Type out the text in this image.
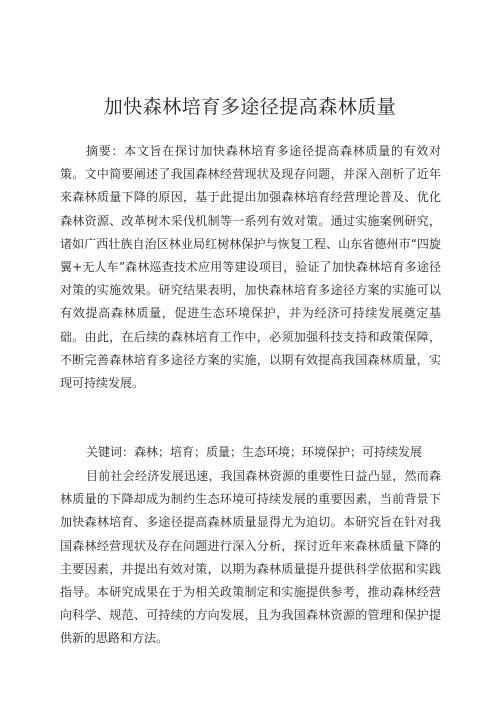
加快森林培育多途径提高森林质量

摘要：本文旨在探讨加快森林培育多途径提高森林质量的有效对策。文中简要阐述了我国森林经营现状及现存问题，并深入剖析了近年来森林质量下降的原因，基于此提出加强森林培育经营理论普及、优化森林资源、改革树木采伐机制等一系列有效对策。通过实施案例研究，诸如广西壮族自治区林业局红树林保护与恢复工程、山东省德州市“四旋翼+无人车”森林巡查技术应用等建设项目，验证了加快森林培育多途径对策的实施效果。研究结果表明，加快森林培育多途径方案的实施可以有效提高森林质量，促进生态环境保护，并为经济可持续发展奠定基础。由此，在后续的森林培育工作中，必须加强科技支持和政策保障，不断完善森林培育多途径方案的实施，以期有效提高我国森林质量，实现可持续发展。

关键词：森林；培育；质量；生态环境；环境保护；可持续发展

目前社会经济发展迅速，我国森林资源的重要性日益凸显，然而森林质量的下降却成为制约生态环境可持续发展的重要因素，当前背景下加快森林培育、多途径提高森林质量显得尤为迫切。本研究旨在针对我国森林经营现状及存在问题进行深入分析，探讨近年来森林质量下降的主要因素，并提出有效对策，以期为森林质量提升提供科学依据和实践指导。本研究成果在于为相关政策制定和实施提供参考，推动森林经营向科学、规范、可持续的方向发展，且为我国森林资源的管理和保护提供新的思路和方法。
